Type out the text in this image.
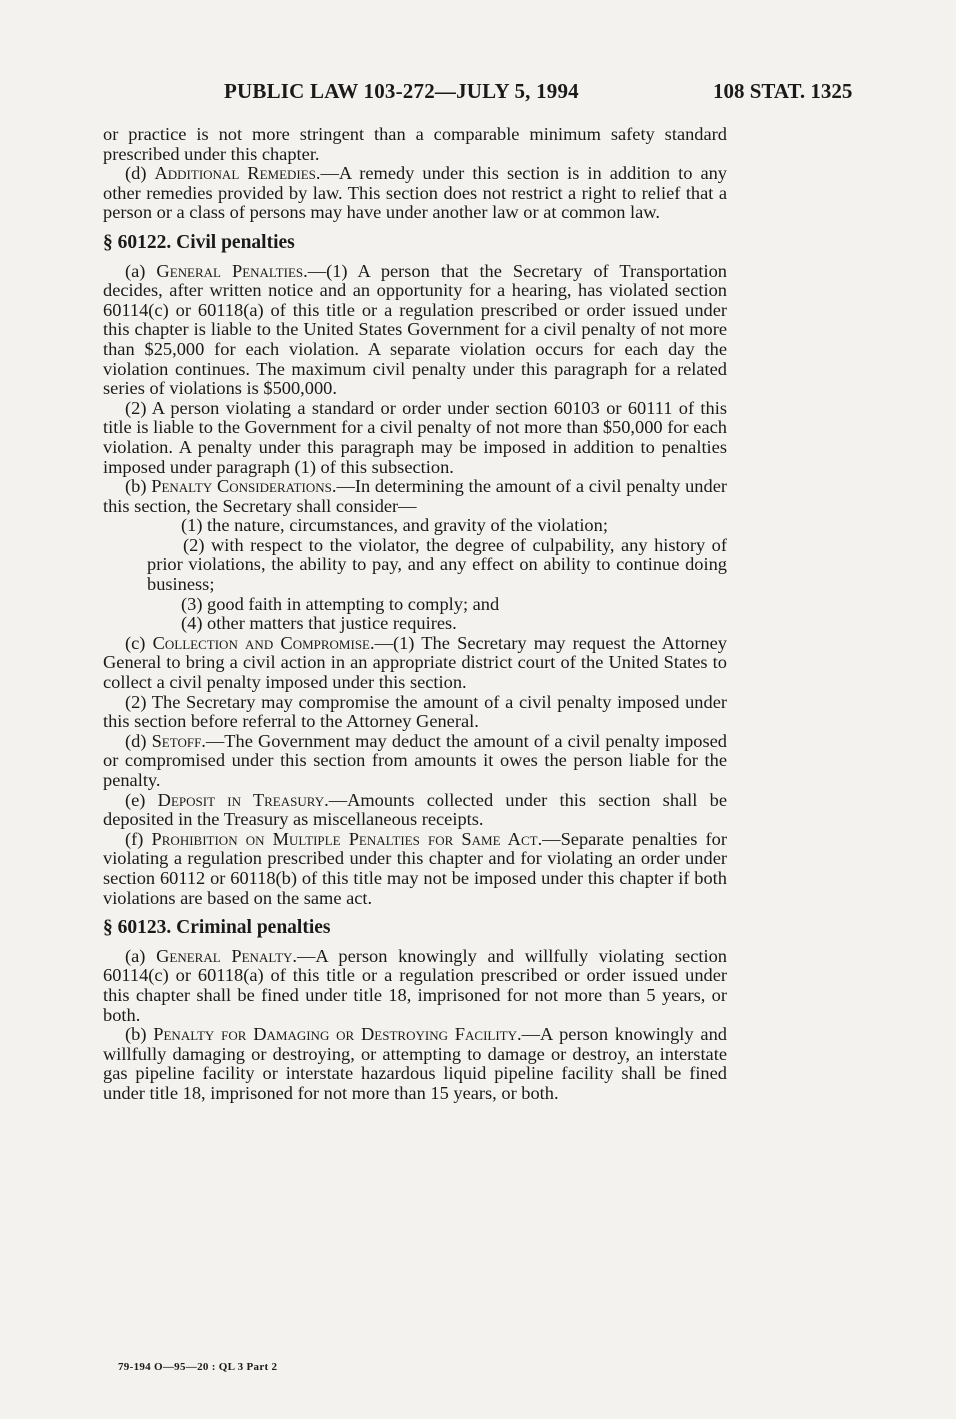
PUBLIC LAW 103-272—JULY 5, 1994	108 STAT. 1325

or practice is not more stringent than a comparable minimum safety standard prescribed under this chapter.

(d) Additional Remedies.—A remedy under this section is in addition to any other remedies provided by law. This section does not restrict a right to relief that a person or a class of persons may have under another law or at common law.

§ 60122. Civil penalties

(a) General Penalties.—(1) A person that the Secretary of Transportation decides, after written notice and an opportunity for a hearing, has violated section 60114(c) or 60118(a) of this title or a regulation prescribed or order issued under this chapter is liable to the United States Government for a civil penalty of not more than $25,000 for each violation. A separate violation occurs for each day the violation continues. The maximum civil penalty under this paragraph for a related series of violations is $500,000.

(2) A person violating a standard or order under section 60103 or 60111 of this title is liable to the Government for a civil penalty of not more than $50,000 for each violation. A penalty under this paragraph may be imposed in addition to penalties imposed under paragraph (1) of this subsection.

(b) Penalty Considerations.—In determining the amount of a civil penalty under this section, the Secretary shall consider—

(1) the nature, circumstances, and gravity of the violation;

(2) with respect to the violator, the degree of culpability, any history of prior violations, the ability to pay, and any effect on ability to continue doing business;

(3) good faith in attempting to comply; and

(4) other matters that justice requires.

(c) Collection and Compromise.—(1) The Secretary may request the Attorney General to bring a civil action in an appropriate district court of the United States to collect a civil penalty imposed under this section.

(2) The Secretary may compromise the amount of a civil penalty imposed under this section before referral to the Attorney General.

(d) Setoff.—The Government may deduct the amount of a civil penalty imposed or compromised under this section from amounts it owes the person liable for the penalty.

(e) Deposit in Treasury.—Amounts collected under this section shall be deposited in the Treasury as miscellaneous receipts.

(f) Prohibition on Multiple Penalties for Same Act.—Separate penalties for violating a regulation prescribed under this chapter and for violating an order under section 60112 or 60118(b) of this title may not be imposed under this chapter if both violations are based on the same act.

§ 60123. Criminal penalties

(a) General Penalty.—A person knowingly and willfully violating section 60114(c) or 60118(a) of this title or a regulation prescribed or order issued under this chapter shall be fined under title 18, imprisoned for not more than 5 years, or both.

(b) Penalty for Damaging or Destroying Facility.—A person knowingly and willfully damaging or destroying, or attempting to damage or destroy, an interstate gas pipeline facility or interstate hazardous liquid pipeline facility shall be fined under title 18, imprisoned for not more than 15 years, or both.

79-194 O—95—20 : QL 3 Part 2
